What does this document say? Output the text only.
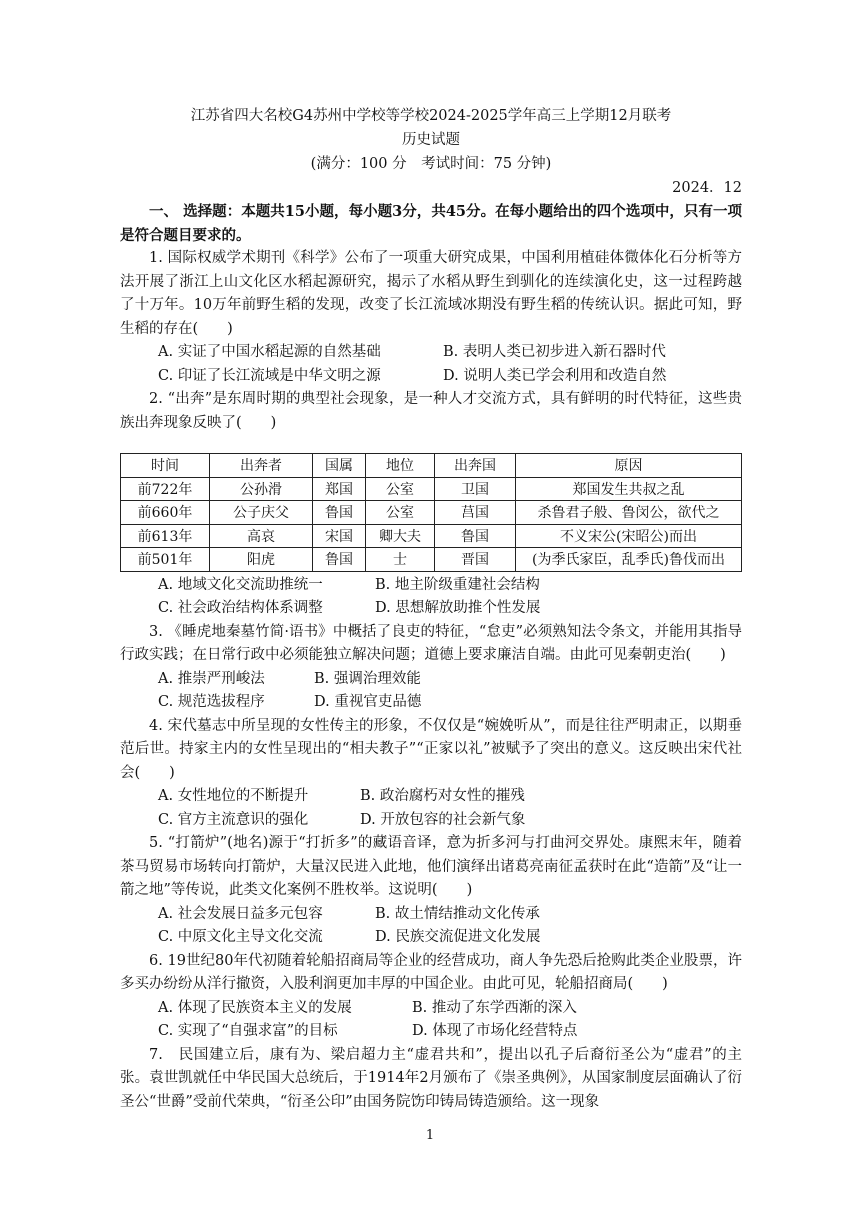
江苏省四大名校G4苏州中学校等学校2024-2025学年高三上学期12月联考
历史试题
(满分：100 分　考试时间：75 分钟)
2024．12

一、 选择题：本题共15小题，每小题3分，共45分。在每小题给出的四个选项中，只有一项是符合题目要求的。

1. 国际权威学术期刊《科学》公布了一项重大研究成果，中国利用植硅体微体化石分析等方法开展了浙江上山文化区水稻起源研究，揭示了水稻从野生到驯化的连续演化史，这一过程跨越了十万年。10万年前野生稻的发现，改变了长江流域冰期没有野生稻的传统认识。据此可知，野生稻的存在(　　)

A. 实证了中国水稻起源的自然基础	B. 表明人类已初步进入新石器时代
C. 印证了长江流域是中华文明之源	D. 说明人类已学会利用和改造自然

2. “出奔”是东周时期的典型社会现象，是一种人才交流方式，具有鲜明的时代特征，这些贵族出奔现象反映了(　　)

时间	出奔者	国属	地位	出奔国	原因
前722年	公孙滑	郑国	公室	卫国	郑国发生共叔之乱
前660年	公子庆父	鲁国	公室	莒国	杀鲁君子般、鲁闵公，欲代之
前613年	高哀	宋国	卿大夫	鲁国	不义宋公(宋昭公)而出
前501年	阳虎	鲁国	士	晋国	(为季氏家臣，乱季氏)鲁伐而出
A. 地域文化交流助推统一	B. 地主阶级重建社会结构
C. 社会政治结构体系调整	D. 思想解放助推个性发展

3. 《睡虎地秦墓竹简·语书》中概括了良吏的特征，“怠吏”必须熟知法令条文，并能用其指导行政实践；在日常行政中必须能独立解决问题；道德上要求廉洁自端。由此可见秦朝吏治(　　)

A. 推崇严刑峻法	B. 强调治理效能
C. 规范选拔程序	D. 重视官吏品德

4. 宋代墓志中所呈现的女性传主的形象，不仅仅是“婉娩听从”，而是往往严明肃正，以期垂范后世。持家主内的女性呈现出的“相夫教子”“正家以礼”被赋予了突出的意义。这反映出宋代社会(　　)

A. 女性地位的不断提升	B. 政治腐朽对女性的摧残
C. 官方主流意识的强化	D. 开放包容的社会新气象

5. “打箭炉”(地名)源于“打折多”的藏语音译，意为折多河与打曲河交界处。康熙末年，随着茶马贸易市场转向打箭炉，大量汉民进入此地，他们演绎出诸葛亮南征孟获时在此“造箭”及“让一箭之地”等传说，此类文化案例不胜枚举。这说明(　　)

A. 社会发展日益多元包容	B. 故土情结推动文化传承
C. 中原文化主导文化交流	D. 民族交流促进文化发展

6. 19世纪80年代初随着轮船招商局等企业的经营成功，商人争先恐后抢购此类企业股票，许多买办纷纷从洋行撤资，入股利润更加丰厚的中国企业。由此可见，轮船招商局(　　)

A. 体现了民族资本主义的发展	B. 推动了东学西渐的深入
C. 实现了“自强求富”的目标	D. 体现了市场化经营特点

7.　民国建立后，康有为、梁启超力主“虚君共和”，提出以孔子后裔衍圣公为“虚君”的主张。袁世凯就任中华民国大总统后，于1914年2月颁布了《崇圣典例》，从国家制度层面确认了衍圣公“世爵”受前代荣典，“衍圣公印”由国务院饬印铸局铸造颁给。这一现象

1
